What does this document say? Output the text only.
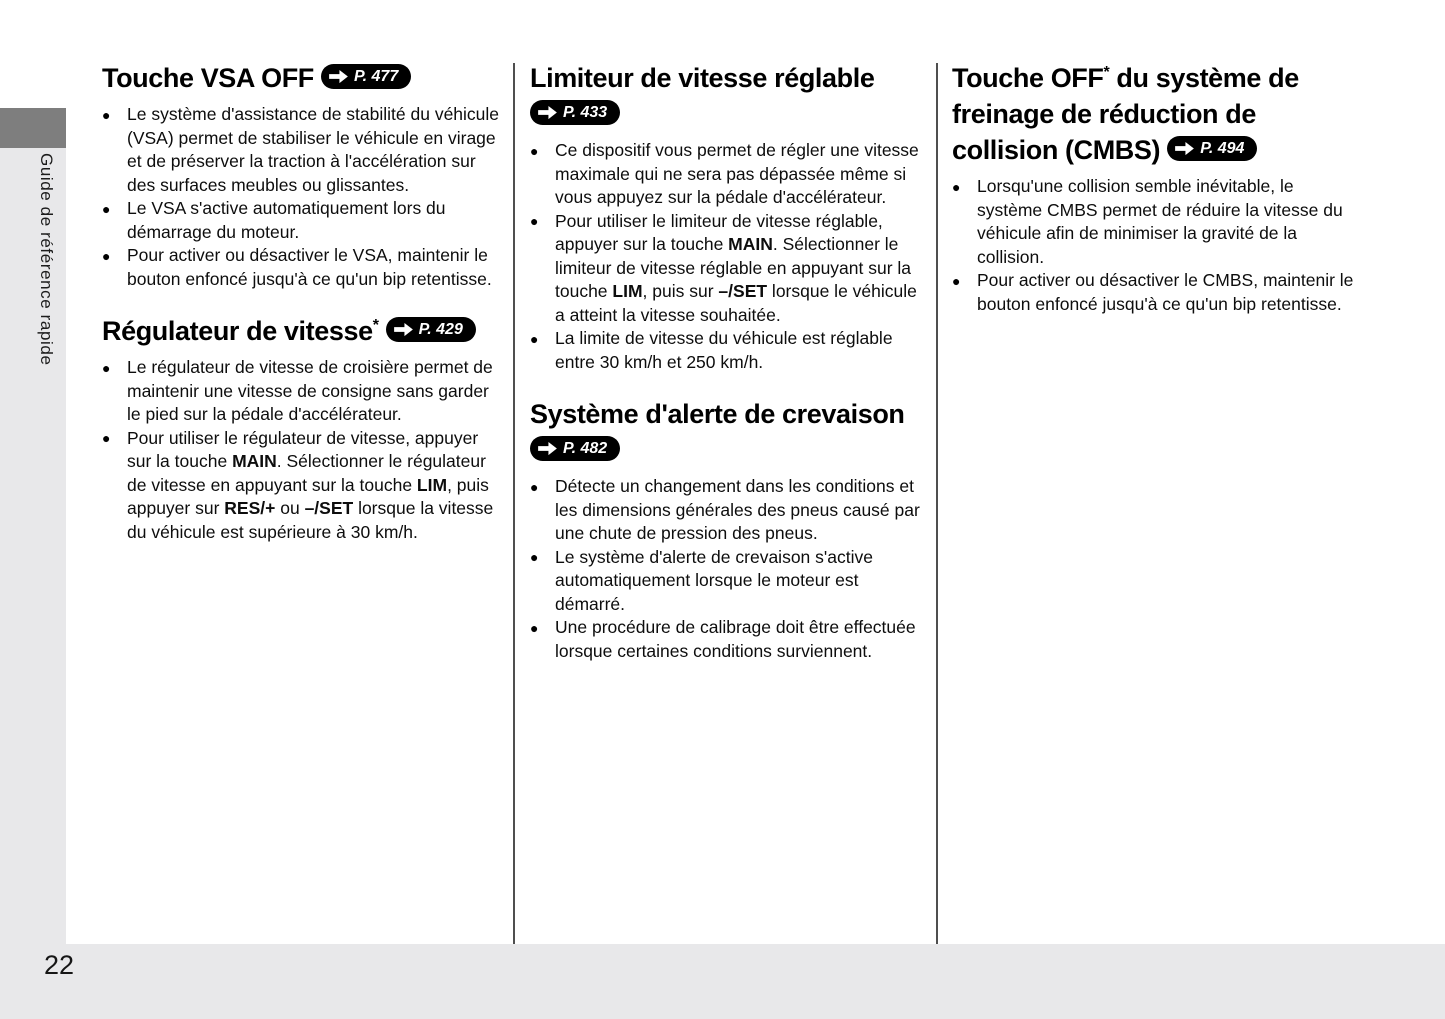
Guide de référence rapide
Touche VSA OFF	P. 477
● Le système d'assistance de stabilité du véhicule (VSA) permet de stabiliser le véhicule en virage et de préserver la traction à l'accélération sur des surfaces meubles ou glissantes.
● Le VSA s'active automatiquement lors du démarrage du moteur.
● Pour activer ou désactiver le VSA, maintenir le bouton enfoncé jusqu'à ce qu'un bip retentisse.
Régulateur de vitesse*	P. 429
● Le régulateur de vitesse de croisière permet de maintenir une vitesse de consigne sans garder le pied sur la pédale d'accélérateur.
● Pour utiliser le régulateur de vitesse, appuyer sur la touche MAIN. Sélectionner le régulateur de vitesse en appuyant sur la touche LIM, puis appuyer sur RES/+ ou –/SET lorsque la vitesse du véhicule est supérieure à 30 km/h.
Limiteur de vitesse réglable
P. 433
● Ce dispositif vous permet de régler une vitesse maximale qui ne sera pas dépassée même si vous appuyez sur la pédale d'accélérateur.
● Pour utiliser le limiteur de vitesse réglable, appuyer sur la touche MAIN. Sélectionner le limiteur de vitesse réglable en appuyant sur la touche LIM, puis sur –/SET lorsque le véhicule a atteint la vitesse souhaitée.
● La limite de vitesse du véhicule est réglable entre 30 km/h et 250 km/h.
Système d'alerte de crevaison
P. 482
● Détecte un changement dans les conditions et les dimensions générales des pneus causé par une chute de pression des pneus.
● Le système d'alerte de crevaison s'active automatiquement lorsque le moteur est démarré.
● Une procédure de calibrage doit être effectuée lorsque certaines conditions surviennent.
Touche OFF* du système de freinage de réduction de collision (CMBS)	P. 494
● Lorsqu'une collision semble inévitable, le système CMBS permet de réduire la vitesse du véhicule afin de minimiser la gravité de la collision.
● Pour activer ou désactiver le CMBS, maintenir le bouton enfoncé jusqu'à ce qu'un bip retentisse.
22
